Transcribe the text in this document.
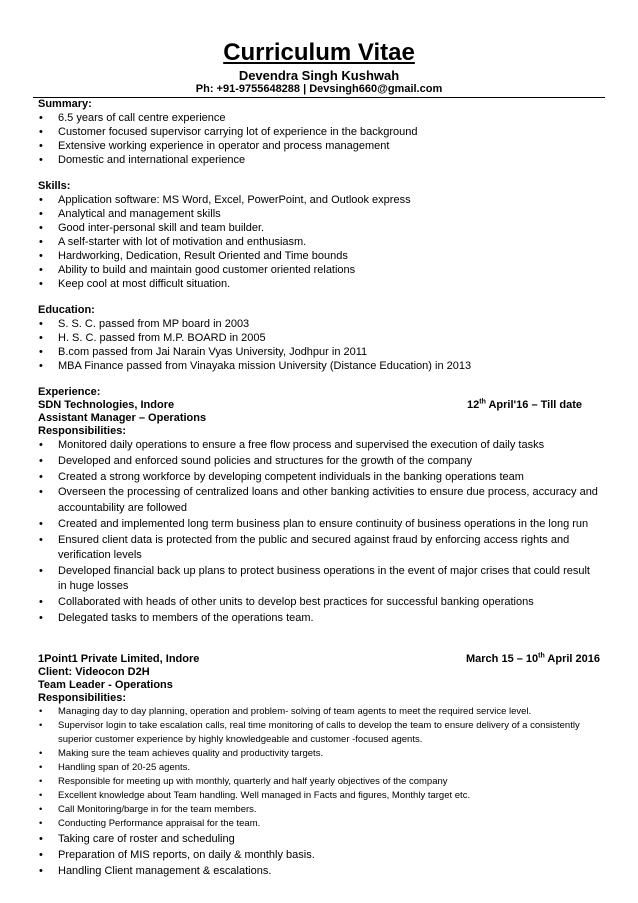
Curriculum Vitae
Devendra Singh Kushwah
Ph: +91-9755648288 | Devsingh660@gmail.com
Summary:
• 6.5 years of call centre experience
• Customer focused supervisor carrying lot of experience in the background
• Extensive working experience in operator and process management
• Domestic and international experience
Skills:
• Application software: MS Word, Excel, PowerPoint, and Outlook express
• Analytical and management skills
• Good inter-personal skill and team builder.
• A self-starter with lot of motivation and enthusiasm.
• Hardworking, Dedication, Result Oriented and Time bounds
• Ability to build and maintain good customer oriented relations
• Keep cool at most difficult situation.
Education:
• S. S. C. passed from MP board in 2003
• H. S. C. passed from M.P. BOARD in 2005
• B.com passed from Jai Narain Vyas University, Jodhpur in 2011
• MBA Finance passed from Vinayaka mission University (Distance Education) in 2013
Experience:
SDN Technologies, Indore	12th April'16 – Till date
Assistant Manager – Operations
Responsibilities:
• Monitored daily operations to ensure a free flow process and supervised the execution of daily tasks
• Developed and enforced sound policies and structures for the growth of the company
• Created a strong workforce by developing competent individuals in the banking operations team
• Overseen the processing of centralized loans and other banking activities to ensure due process, accuracy and accountability are followed
• Created and implemented long term business plan to ensure continuity of business operations in the long run
• Ensured client data is protected from the public and secured against fraud by enforcing access rights and verification levels
• Developed financial back up plans to protect business operations in the event of major crises that could result in huge losses
• Collaborated with heads of other units to develop best practices for successful banking operations
• Delegated tasks to members of the operations team.
1Point1 Private Limited, Indore	March 15 – 10th April 2016
Client: Videocon D2H
Team Leader - Operations
Responsibilities:
• Managing day to day planning, operation and problem- solving of team agents to meet the required service level.
• Supervisor login to take escalation calls, real time monitoring of calls to develop the team to ensure delivery of a consistently superior customer experience by highly knowledgeable and customer -focused agents.
• Making sure the team achieves quality and productivity targets.
• Handling span of 20-25 agents.
• Responsible for meeting up with monthly, quarterly and half yearly objectives of the company
• Excellent knowledge about Team handling. Well managed in Facts and figures, Monthly target etc.
• Call Monitoring/barge in for the team members.
• Conducting Performance appraisal for the team.
• Taking care of roster and scheduling
• Preparation of MIS reports, on daily & monthly basis.
• Handling Client management & escalations.
